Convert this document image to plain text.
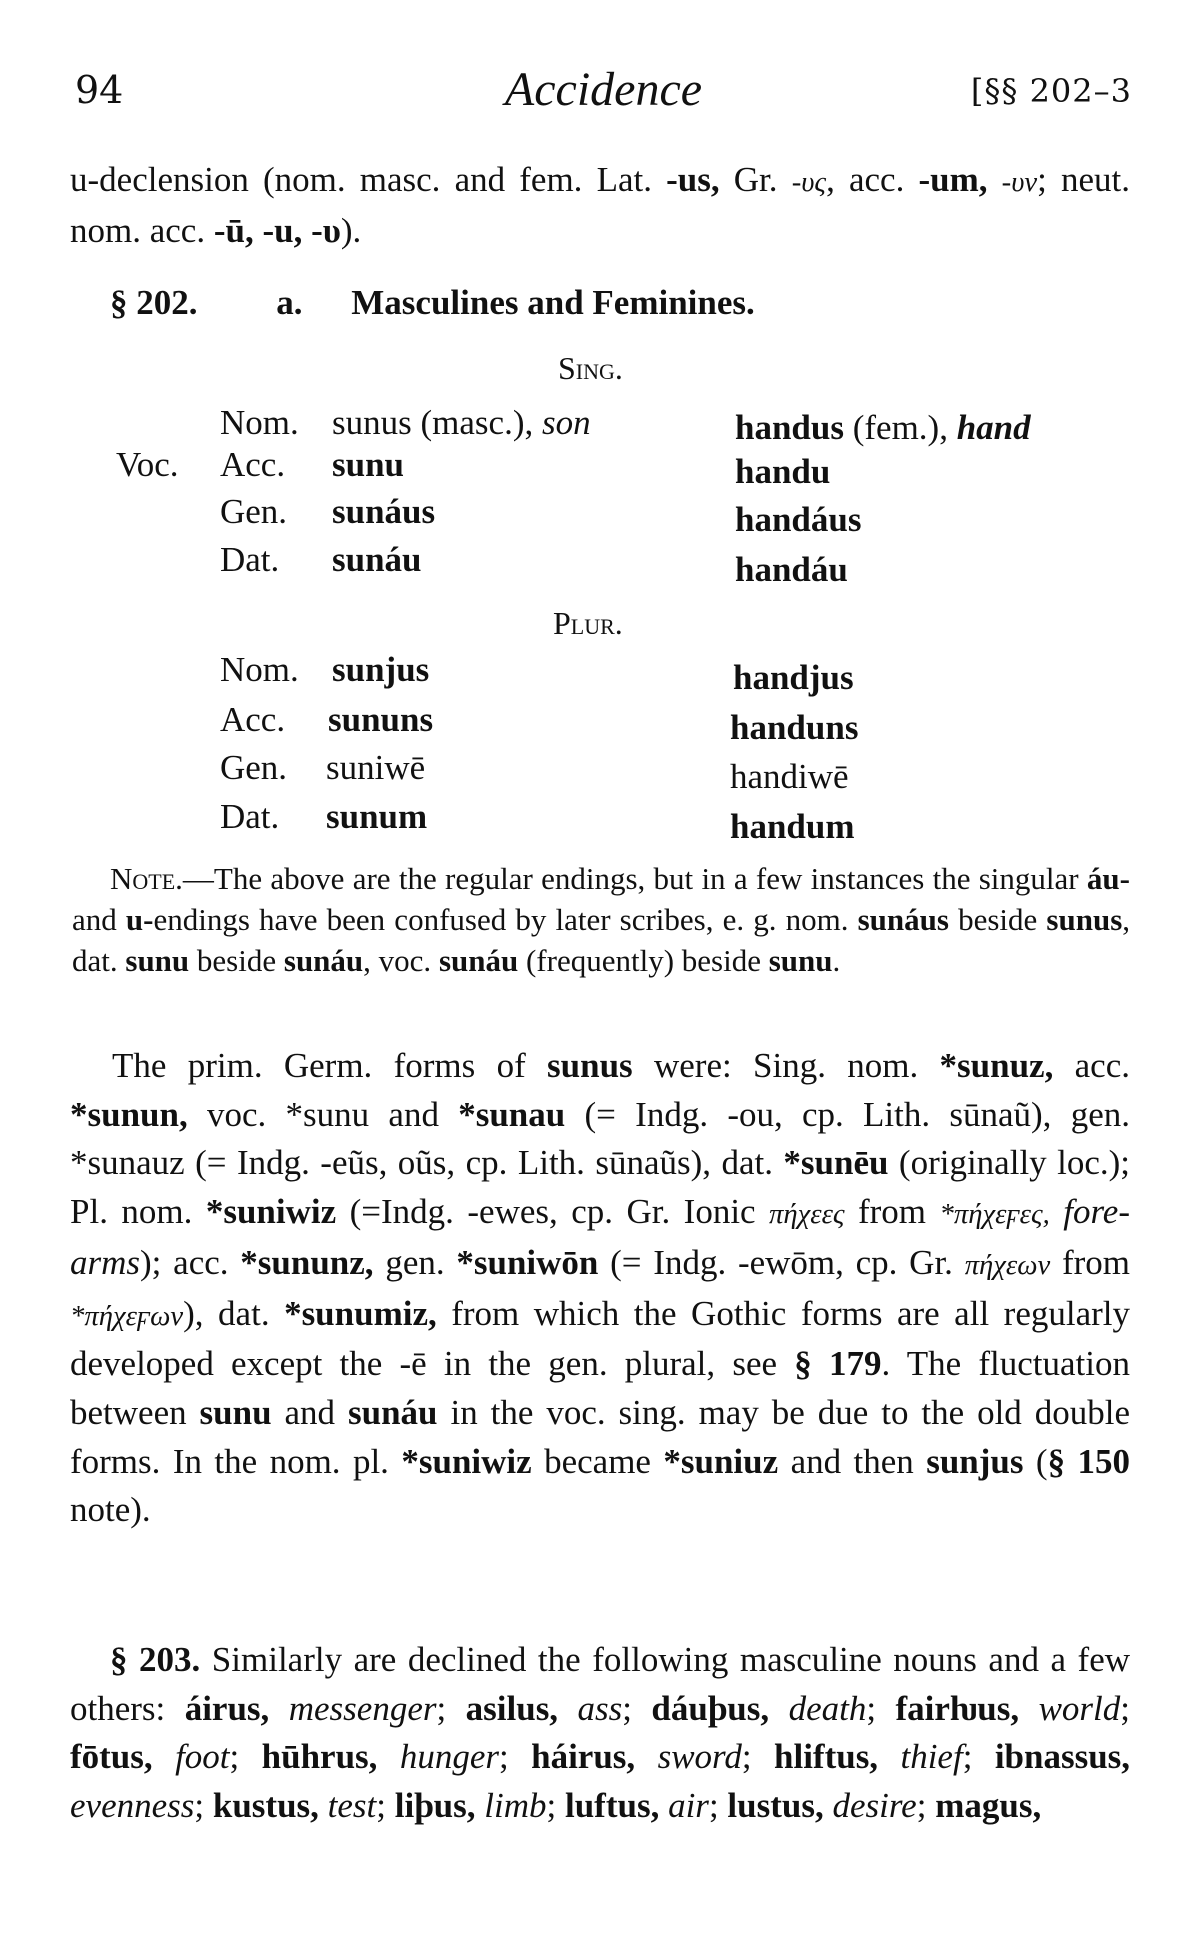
94	Accidence	[§§ 202–3
u-declension (nom. masc. and fem. Lat. -us, Gr. -υς, acc. -um, -υν; neut. nom. acc. -ū, -u, -υ).
§ 202. a. Masculines and Feminines.
Sing.
Nom. sunus (masc.), son	handus (fem.), hand
Voc. Acc. sunu	handu
Gen. sunáus	handáus
Dat. sunáu	handáu
Plur.
Nom. sunjus	handjus
Acc. sununs	handuns
Gen. suniwē	handiwē
Dat. sunum	handum
Note.—The above are the regular endings, but in a few instances the singular áu- and u-endings have been confused by later scribes, e. g. nom. sunáus beside sunus, dat. sunu beside sunáu, voc. sunáu (frequently) beside sunu.
The prim. Germ. forms of sunus were: Sing. nom. *sunuz, acc. *sunun, voc. *sunu and *sunau (= Indg. -ou, cp. Lith. sūnaũ), gen. *sunauz (= Indg. -eũs, oũs, cp. Lith. sūnaũs), dat. *sunēu (originally loc.); Pl. nom. *suniwiz (=Indg. -ewes, cp. Gr. Ionic πήχεες from *πήχεϝες, fore-arms); acc. *sununz, gen. *suniwōn (= Indg. -ewōm, cp. Gr. πήχεων from *πήχεϝων), dat. *sunumiz, from which the Gothic forms are all regularly developed except the -ē in the gen. plural, see § 179. The fluctuation between sunu and sunáu in the voc. sing. may be due to the old double forms. In the nom. pl. *suniwiz became *suniuz and then sunjus (§ 150 note).
§ 203. Similarly are declined the following masculine nouns and a few others: áirus, messenger; asilus, ass; dáuþus, death; fairƕus, world; fōtus, foot; hūhrus, hunger; háirus, sword; hliftus, thief; ibnassus, evenness; kustus, test; liþus, limb; luftus, air; lustus, desire; magus,
